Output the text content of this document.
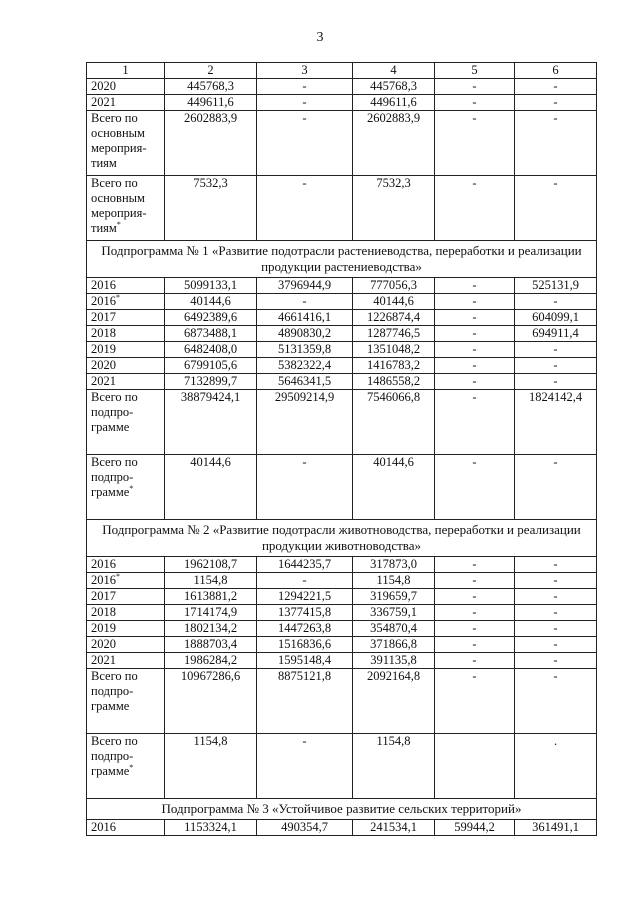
3
1	2	3	4	5	6
2020	445768,3	-	445768,3	-	-
2021	449611,6	-	449611,6	-	-

Всего по
основным
мероприя-
тиям	2602883,9	-	2602883,9	-	-

Всего по
основным
мероприя-
тиям*	7532,3	-	7532,3	-	-
Подпрограмма № 1 «Развитие подотрасли растениеводства, переработки и реализации продукции растениеводства»					
2016	5099133,1	3796944,9	777056,3	-	525131,9
2016*	40144,6	-	40144,6	-	-
2017	6492389,6	4661416,1	1226874,4	-	604099,1
2018	6873488,1	4890830,2	1287746,5	-	694911,4
2019	6482408,0	5131359,8	1351048,2	-	-
2020	6799105,6	5382322,4	1416783,2	-	-
2021	7132899,7	5646341,5	1486558,2	-	-

Всего по
подпро-
грамме	38879424,1	29509214,9	7546066,8	-	1824142,4

Всего по
подпро-
грамме*	40144,6	-	40144,6	-	-
Подпрограмма № 2 «Развитие подотрасли животноводства, переработки и реализации продукции животноводства»					
2016	1962108,7	1644235,7	317873,0	-	-
2016*	1154,8	-	1154,8	-	-
2017	1613881,2	1294221,5	319659,7	-	-
2018	1714174,9	1377415,8	336759,1	-	-
2019	1802134,2	1447263,8	354870,4	-	-
2020	1888703,4	1516836,6	371866,8	-	-
2021	1986284,2	1595148,4	391135,8	-	-

Всего по
подпро-
грамме	10967286,6	8875121,8	2092164,8	-	-

Всего по
подпро-
грамме*	1154,8	-	1154,8		.
Подпрограмма № 3 «Устойчивое развитие сельских территорий»					
2016	1153324,1	490354,7	241534,1	59944,2	361491,1
